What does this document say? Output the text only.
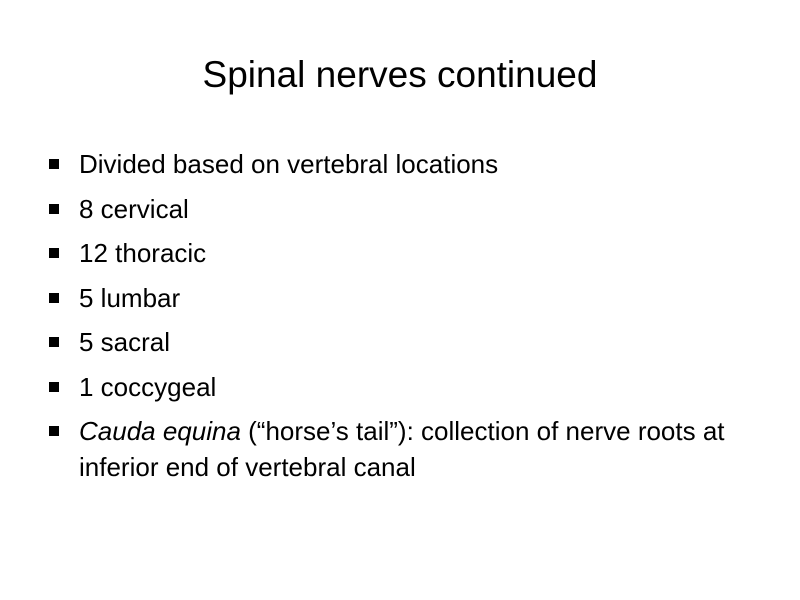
Spinal nerves continued
Divided based on vertebral locations
8 cervical
12 thoracic
5 lumbar
5 sacral
1 coccygeal
Cauda equina (“horse’s tail”): collection of nerve roots at inferior end of vertebral canal
